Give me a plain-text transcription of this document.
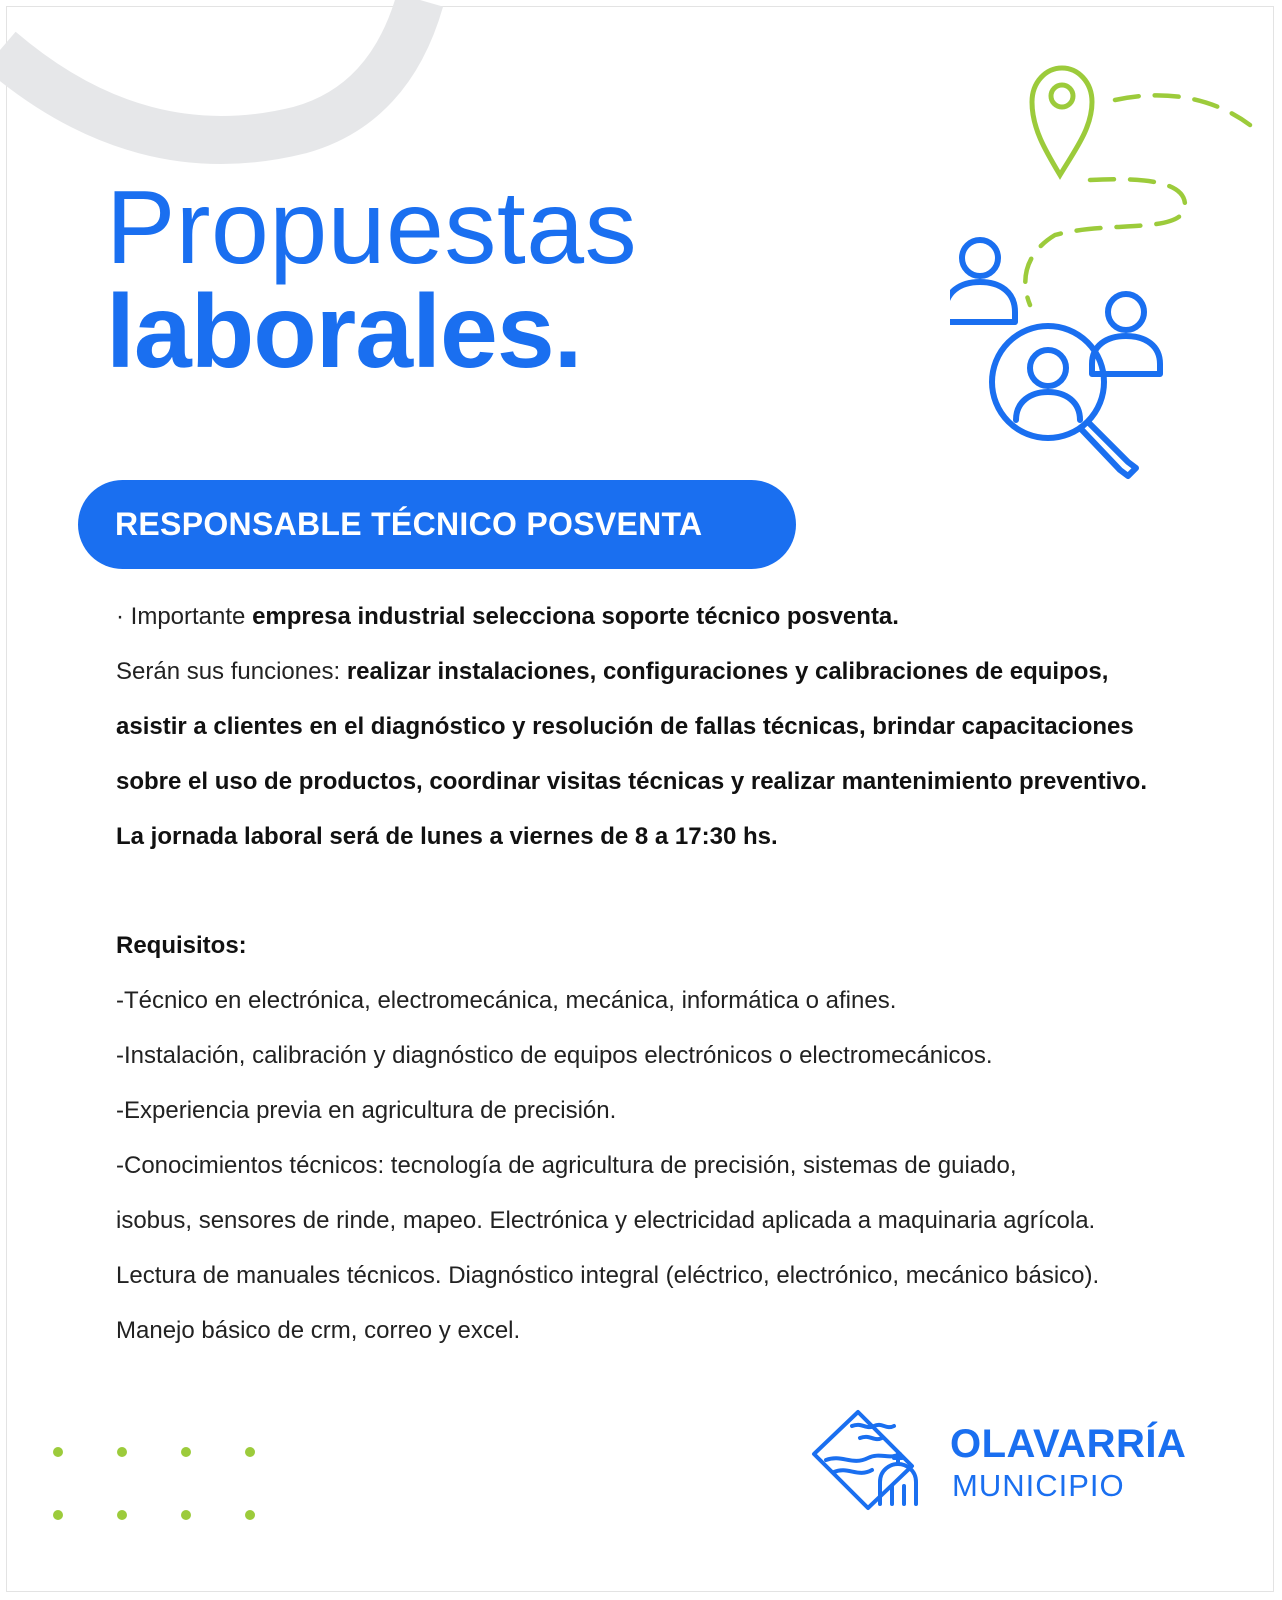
Propuestas
laborales.
RESPONSABLE TÉCNICO POSVENTA

· Importante empresa industrial selecciona soporte técnico posventa.

Serán sus funciones: realizar instalaciones, configuraciones y calibraciones de equipos,

asistir a clientes en el diagnóstico y resolución de fallas técnicas, brindar capacitaciones

sobre el uso de productos, coordinar visitas técnicas y realizar mantenimiento preventivo.

La jornada laboral será de lunes a viernes de 8 a 17:30 hs.

Requisitos:

-Técnico en electrónica, electromecánica, mecánica, informática o afines.

-Instalación, calibración y diagnóstico de equipos electrónicos o electromecánicos.

-Experiencia previa en agricultura de precisión.

-Conocimientos técnicos: tecnología de agricultura de precisión, sistemas de guiado,

isobus, sensores de rinde, mapeo. Electrónica y electricidad aplicada a maquinaria agrícola.

Lectura de manuales técnicos. Diagnóstico integral (eléctrico, electrónico, mecánico básico).

Manejo básico de crm, correo y excel.

OLAVARRÍA

MUNICIPIO
